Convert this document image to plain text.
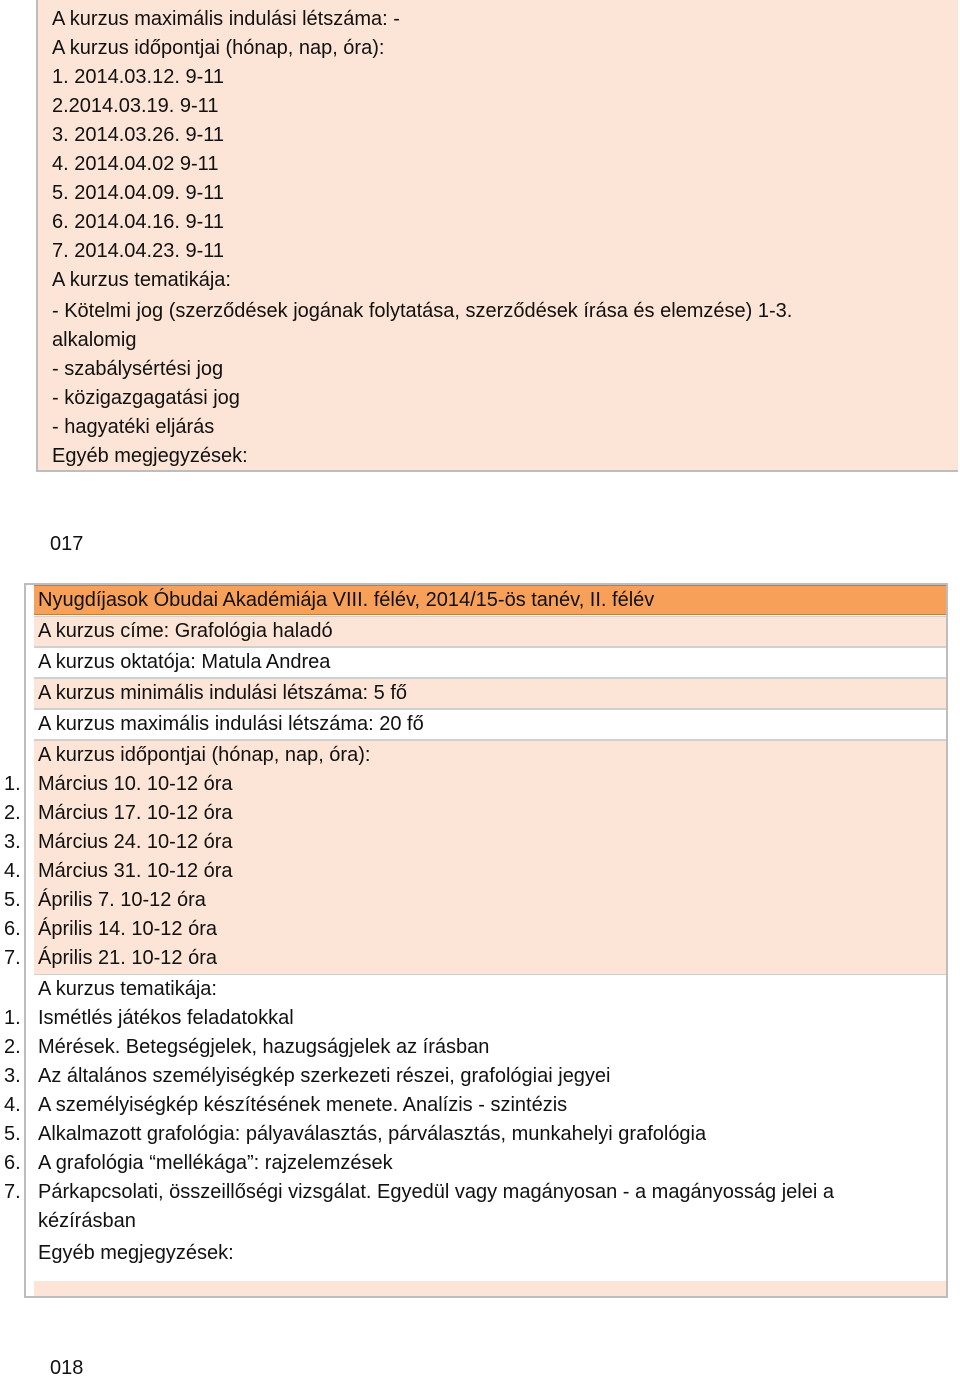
A kurzus maximális indulási létszáma: -
A kurzus időpontjai (hónap, nap, óra):
1. 2014.03.12. 9-11
2.2014.03.19. 9-11
3. 2014.03.26. 9-11
4. 2014.04.02 9-11
5. 2014.04.09. 9-11
6. 2014.04.16. 9-11
7. 2014.04.23. 9-11
A kurzus tematikája:
- Kötelmi jog (szerződések jogának folytatása, szerződések írása és elemzése) 1-3.
alkalomig
- szabálysértési jog
- közigazgagatási jog
- hagyatéki eljárás
Egyéb megjegyzések:
017
Nyugdíjasok Óbudai Akadémiája VIII. félév, 2014/15-ös tanév, II. félév
A kurzus címe: Grafológia haladó
A kurzus oktatója: Matula Andrea
A kurzus minimális indulási létszáma: 5 fő
A kurzus maximális indulási létszáma: 20 fő
A kurzus időpontjai (hónap, nap, óra):
1. Március 10. 10-12 óra
2. Március 17. 10-12 óra
3. Március 24. 10-12 óra
4. Március 31. 10-12 óra
5. Április 7. 10-12 óra
6. Április 14. 10-12 óra
7. Április 21. 10-12 óra
A kurzus tematikája:
1. Ismétlés játékos feladatokkal
2. Mérések. Betegségjelek, hazugságjelek az írásban
3. Az általános személyiségkép szerkezeti részei, grafológiai jegyei
4. A személyiségkép készítésének menete. Analízis - szintézis
5. Alkalmazott grafológia: pályaválasztás, párválasztás, munkahelyi grafológia
6. A grafológia “mellékága”: rajzelemzések
7. Párkapcsolati, összeillőségi vizsgálat. Egyedül vagy magányosan - a magányosság jelei a
kézírásban
Egyéb megjegyzések:
018
